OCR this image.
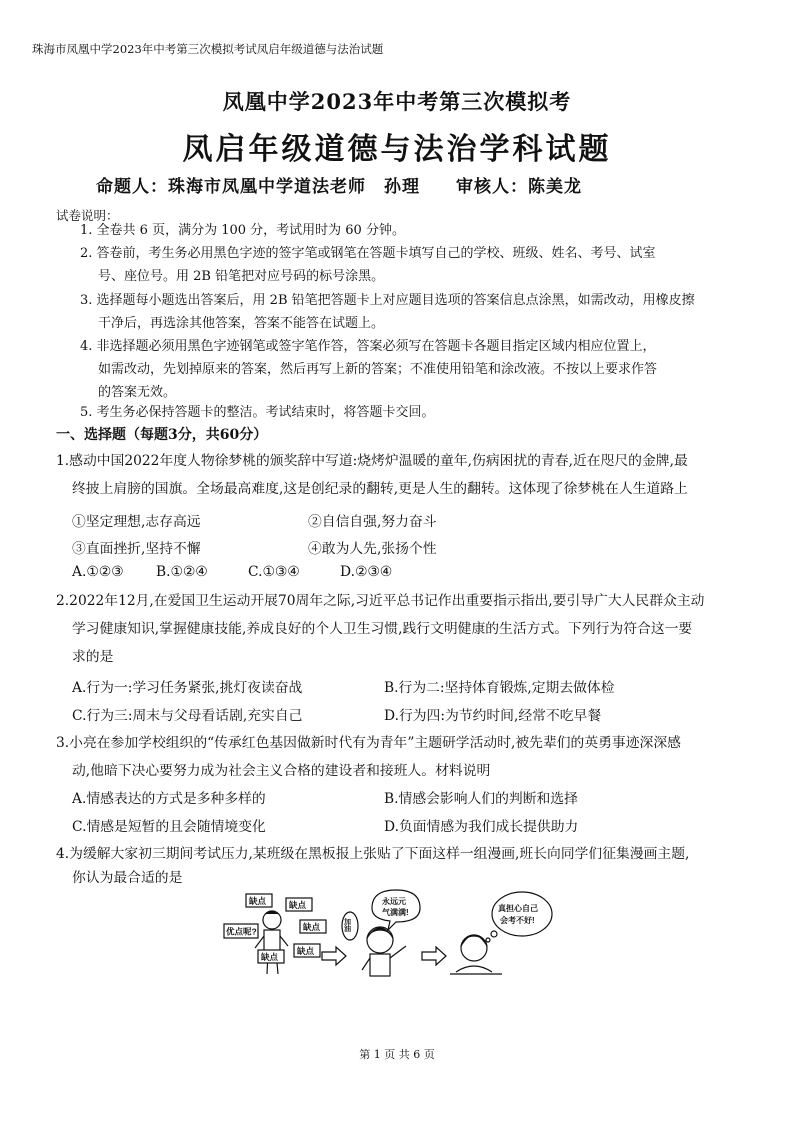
珠海市凤凰中学2023年中考第三次模拟考试凤启年级道德与法治试题
凤凰中学2023年中考第三次模拟考
凤启年级道德与法治学科试题
命题人：珠海市凤凰中学道法老师　孙理　　审核人：陈美龙
试卷说明：
1. 全卷共 6 页，满分为 100 分，考试用时为 60 分钟。
2. 答卷前，考生务必用黑色字迹的签字笔或钢笔在答题卡填写自己的学校、班级、姓名、考号、试室
号、座位号。用 2B 铅笔把对应号码的标号涂黑。
3. 选择题每小题选出答案后，用 2B 铅笔把答题卡上对应题目选项的答案信息点涂黑，如需改动，用橡皮擦
干净后，再选涂其他答案，答案不能答在试题上。
4. 非选择题必须用黑色字迹钢笔或签字笔作答，答案必须写在答题卡各题目指定区域内相应位置上，
如需改动，先划掉原来的答案，然后再写上新的答案；不准使用铅笔和涂改液。不按以上要求作答
的答案无效。
5. 考生务必保持答题卡的整洁。考试结束时，将答题卡交回。
一、选择题（每题3分，共60分）
1.感动中国2022年度人物徐梦桃的颁奖辞中写道:烧烤炉温暖的童年,伤病困扰的青春,近在咫尺的金牌,最
终披上肩膀的国旗。全场最高难度,这是创纪录的翻转,更是人生的翻转。这体现了徐梦桃在人生道路上
①坚定理想,志存高远	②自信自强,努力奋斗
③直面挫折,坚持不懈	④敢为人先,张扬个性
A.①②③ B.①②④	C.①③④	D.②③④
2.2022年12月,在爱国卫生运动开展70周年之际,习近平总书记作出重要指示指出,要引导广大人民群众主动
学习健康知识,掌握健康技能,养成良好的个人卫生习惯,践行文明健康的生活方式。下列行为符合这一要
求的是
A.行为一:学习任务紧张,挑灯夜读奋战	B.行为二:坚持体育锻炼,定期去做体检
C.行为三:周末与父母看话剧,充实自己	D.行为四:为节约时间,经常不吃早餐
3.小亮在参加学校组织的“传承红色基因做新时代有为青年”主题研学活动时,被先辈们的英勇事迹深深感
动,他暗下决心要努力成为社会主义合格的建设者和接班人。材料说明
A.情感表达的方式是多种多样的	B.情感会影响人们的判断和选择
C.情感是短暂的且会随情境变化	D.负面情感为我们成长提供助力
4.为缓解大家初三期间考试压力,某班级在黑板报上张贴了下面这样一组漫画,班长向同学们征集漫画主题,
你认为最合适的是
优点呢?
缺点	缺点
缺点
缺点
缺点
加油
永远元
气满满!	真担心自己
会考不好!
第 1 页 共 6 页
